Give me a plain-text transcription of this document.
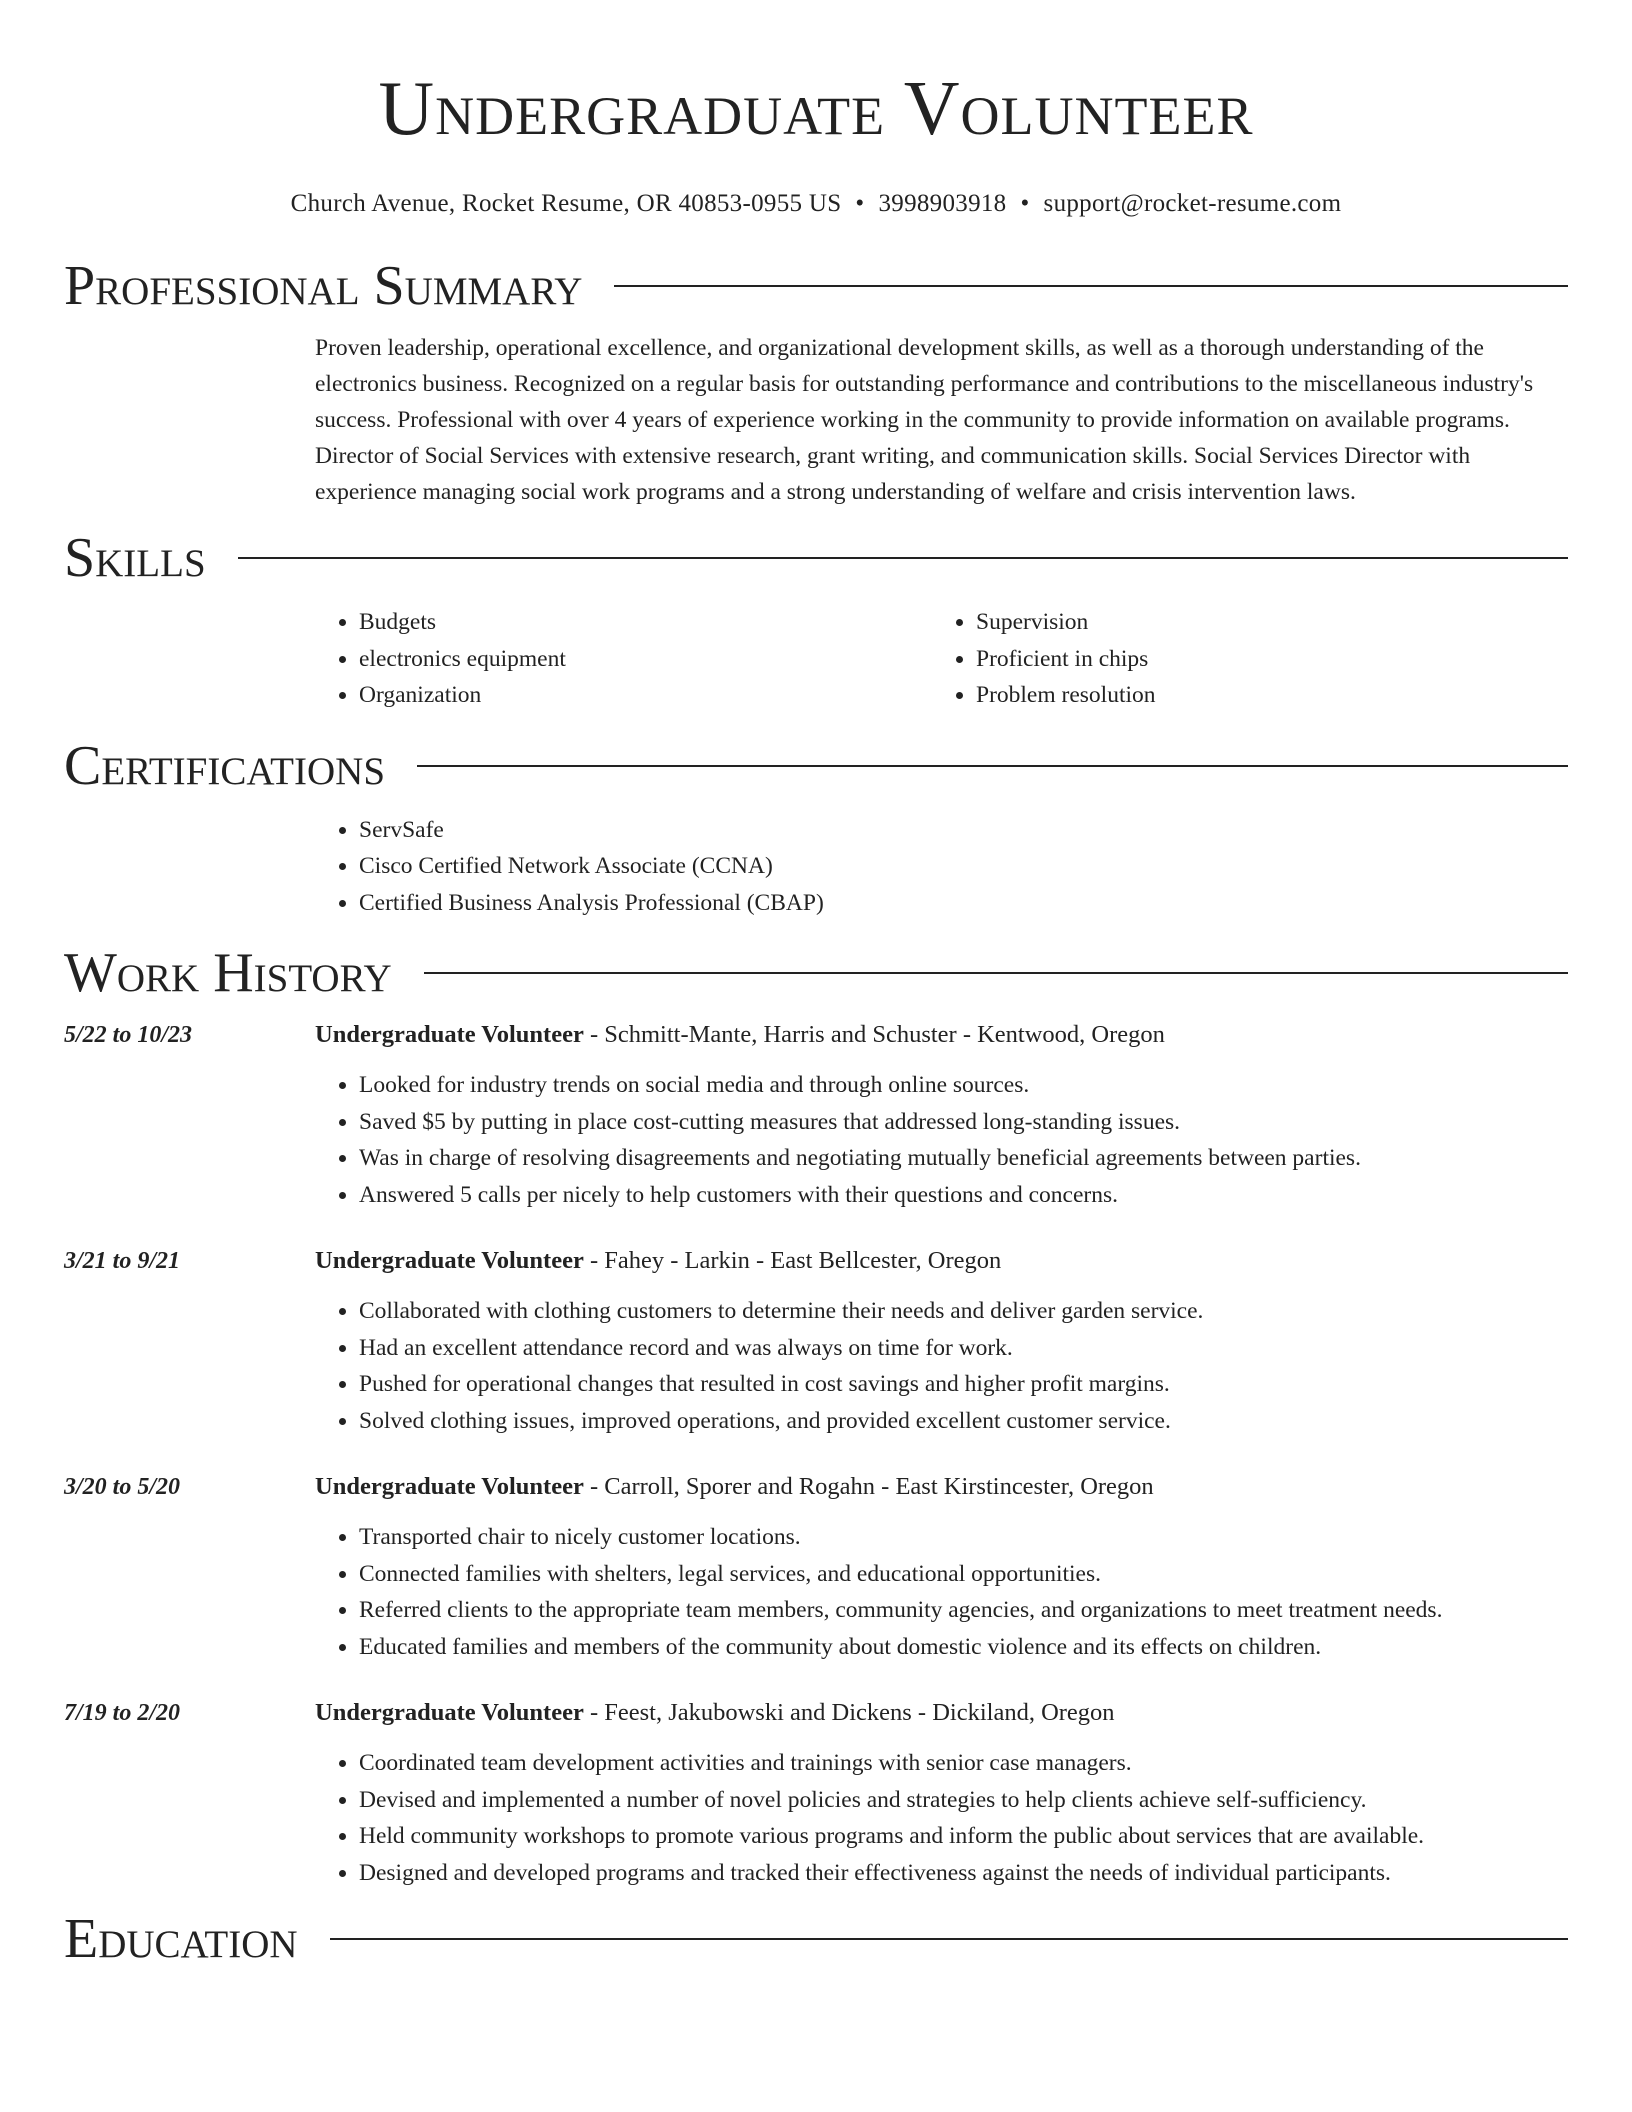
Undergraduate Volunteer
Church Avenue, Rocket Resume, OR 40853-0955 US • 3998903918 • support@rocket-resume.com
Professional Summary
Proven leadership, operational excellence, and organizational development skills, as well as a thorough understanding of the electronics business. Recognized on a regular basis for outstanding performance and contributions to the miscellaneous industry's success. Professional with over 4 years of experience working in the community to provide information on available programs. Director of Social Services with extensive research, grant writing, and communication skills. Social Services Director with experience managing social work programs and a strong understanding of welfare and crisis intervention laws.
Skills
• Budgets
• electronics equipment
• Organization
• Supervision
• Proficient in chips
• Problem resolution
Certifications
• ServSafe
• Cisco Certified Network Associate (CCNA)
• Certified Business Analysis Professional (CBAP)
Work History
5/22 to 10/23	Undergraduate Volunteer - Schmitt-Mante, Harris and Schuster - Kentwood, Oregon
• Looked for industry trends on social media and through online sources.
• Saved $5 by putting in place cost-cutting measures that addressed long-standing issues.
• Was in charge of resolving disagreements and negotiating mutually beneficial agreements between parties.
• Answered 5 calls per nicely to help customers with their questions and concerns.
3/21 to 9/21	Undergraduate Volunteer - Fahey - Larkin - East Bellcester, Oregon
• Collaborated with clothing customers to determine their needs and deliver garden service.
• Had an excellent attendance record and was always on time for work.
• Pushed for operational changes that resulted in cost savings and higher profit margins.
• Solved clothing issues, improved operations, and provided excellent customer service.
3/20 to 5/20	Undergraduate Volunteer - Carroll, Sporer and Rogahn - East Kirstincester, Oregon
• Transported chair to nicely customer locations.
• Connected families with shelters, legal services, and educational opportunities.
• Referred clients to the appropriate team members, community agencies, and organizations to meet treatment needs.
• Educated families and members of the community about domestic violence and its effects on children.
7/19 to 2/20	Undergraduate Volunteer - Feest, Jakubowski and Dickens - Dickiland, Oregon
• Coordinated team development activities and trainings with senior case managers.
• Devised and implemented a number of novel policies and strategies to help clients achieve self-sufficiency.
• Held community workshops to promote various programs and inform the public about services that are available.
• Designed and developed programs and tracked their effectiveness against the needs of individual participants.
Education
